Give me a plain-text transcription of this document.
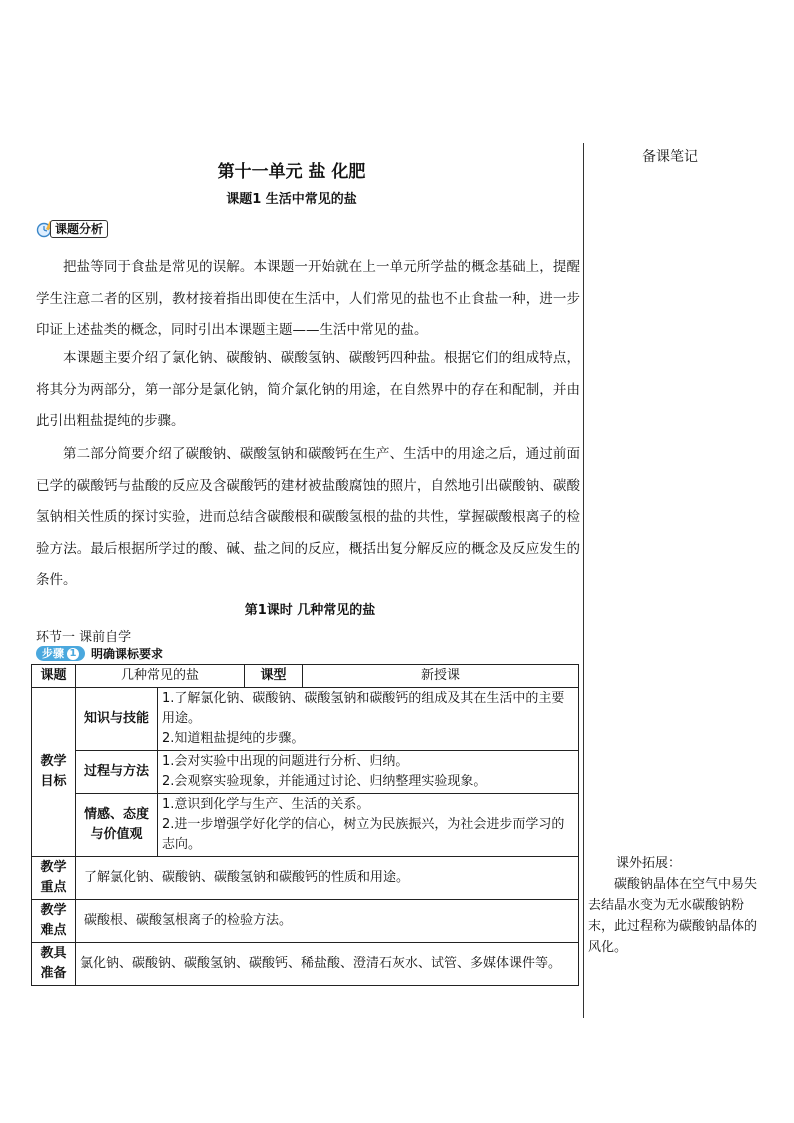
备课笔记
第十一单元 盐 化肥
课题1 生活中常见的盐
课题分析
把盐等同于食盐是常见的误解。本课题一开始就在上一单元所学盐的概念基础上，提醒学生注意二者的区别，教材接着指出即使在生活中，人们常见的盐也不止食盐一种，进一步印证上述盐类的概念，同时引出本课题主题——生活中常见的盐。
本课题主要介绍了氯化钠、碳酸钠、碳酸氢钠、碳酸钙四种盐。根据它们的组成特点，将其分为两部分，第一部分是氯化钠，简介氯化钠的用途，在自然界中的存在和配制，并由此引出粗盐提纯的步骤。
第二部分简要介绍了碳酸钠、碳酸氢钠和碳酸钙在生产、生活中的用途之后，通过前面已学的碳酸钙与盐酸的反应及含碳酸钙的建材被盐酸腐蚀的照片，自然地引出碳酸钠、碳酸氢钠相关性质的探讨实验，进而总结含碳酸根和碳酸氢根的盐的共性，掌握碳酸根离子的检验方法。最后根据所学过的酸、碱、盐之间的反应，概括出复分解反应的概念及反应发生的条件。
第1课时 几种常见的盐
环节一 课前自学
步骤 1 明确课标要求
课题	几种常见的盐		课型	新授课
教学目标	知识与技能	1.了解氯化钠、碳酸钠、碳酸氢钠和碳酸钙的组成及其在生活中的主要用途。
2.知道粗盐提纯的步骤。		

	过程与方法	1.会对实验中出现的问题进行分析、归纳。
2.会观察实验现象，并能通过讨论、归纳整理实验现象。		

	情感、态度与价值观	1.意识到化学与生产、生活的关系。
2.进一步增强学好化学的信心，树立为民族振兴，为社会进步而学习的志向。		

教学重点	了解氯化钠、碳酸钠、碳酸氢钠和碳酸钙的性质和用途。			
教学难点	碳酸根、碳酸氢根离子的检验方法。			
教具准备	氯化钠、碳酸钠、碳酸氢钠、碳酸钙、稀盐酸、澄清石灰水、试管、多媒体课件等。			
课外拓展：
碳酸钠晶体在空气中易失去结晶水变为无水碳酸钠粉末，此过程称为碳酸钠晶体的风化。
